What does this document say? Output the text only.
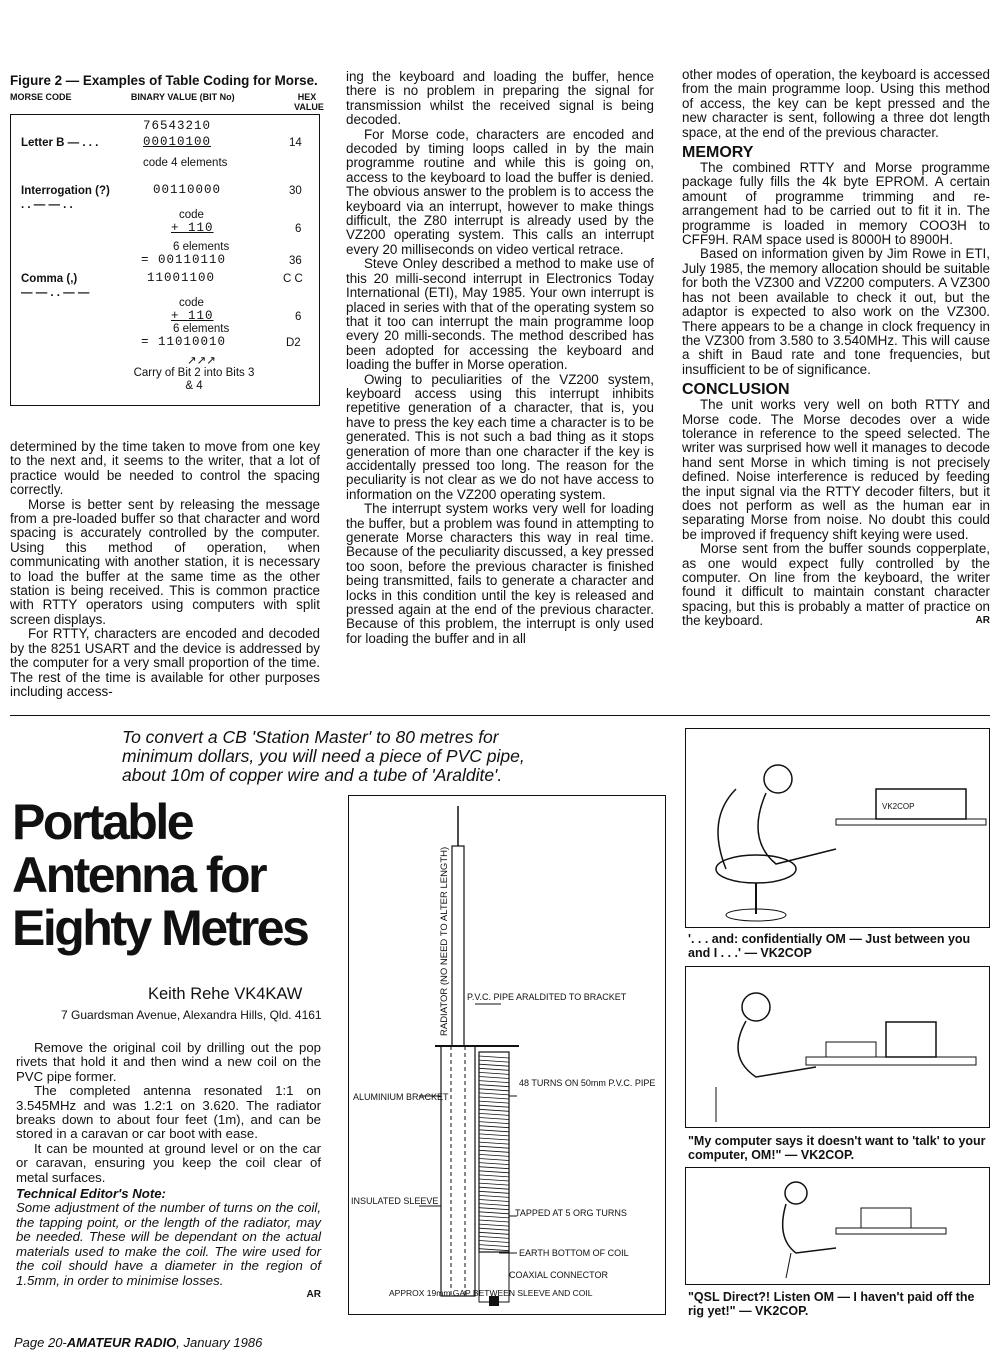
Figure 2 — Examples of Table Coding for Morse.
MORSE CODE	BINARY VALUE (BIT No)	HEX VALUE
76543210
Letter B — . . .	00010100	14
code 4 elements
Interrogation (?)
. . — — . .
00110000	30
code
+ 110	6
6 elements
= 00110110	36
Comma (,)
— — . . — —
11001100	C C
code
+ 110	6
6 elements
= 11010010	D2
↗↗↗
Carry of Bit 2 into Bits 3 & 4

determined by the time taken to move from one key to the next and, it seems to the writer, that a lot of practice would be needed to control the spacing correctly.

Morse is better sent by releasing the message from a pre-loaded buffer so that character and word spacing is accurately controlled by the computer. Using this method of operation, when communicating with another station, it is necessary to load the buffer at the same time as the other station is being received. This is common practice with RTTY operators using computers with split screen displays.

For RTTY, characters are encoded and decoded by the 8251 USART and the device is addressed by the computer for a very small proportion of the time. The rest of the time is available for other purposes including access-

ing the keyboard and loading the buffer, hence there is no problem in preparing the signal for transmission whilst the received signal is being decoded.

For Morse code, characters are encoded and decoded by timing loops called in by the main programme routine and while this is going on, access to the keyboard to load the buffer is denied. The obvious answer to the problem is to access the keyboard via an interrupt, however to make things difficult, the Z80 interrupt is already used by the VZ200 operating system. This calls an interrupt every 20 milliseconds on video vertical retrace.

Steve Onley described a method to make use of this 20 milli-second interrupt in Electronics Today International (ETI), May 1985. Your own interrupt is placed in series with that of the operating system so that it too can interrupt the main programme loop every 20 milli-seconds. The method described has been adopted for accessing the keyboard and loading the buffer in Morse operation.

Owing to peculiarities of the VZ200 system, keyboard access using this interrupt inhibits repetitive generation of a character, that is, you have to press the key each time a character is to be generated. This is not such a bad thing as it stops generation of more than one character if the key is accidentally pressed too long. The reason for the peculiarity is not clear as we do not have access to information on the VZ200 operating system.

The interrupt system works very well for loading the buffer, but a problem was found in attempting to generate Morse characters this way in real time. Because of the peculiarity discussed, a key pressed too soon, before the previous character is finished being transmitted, fails to generate a character and locks in this condition until the key is released and pressed again at the end of the previous character. Because of this problem, the interrupt is only used for loading the buffer and in all

other modes of operation, the keyboard is accessed from the main programme loop. Using this method of access, the key can be kept pressed and the new character is sent, following a three dot length space, at the end of the previous character.

MEMORY

The combined RTTY and Morse programme package fully fills the 4k byte EPROM. A certain amount of programme trimming and re-arrangement had to be carried out to fit it in. The programme is loaded in memory COO3H to CFF9H. RAM space used is 8000H to 8900H.

Based on information given by Jim Rowe in ETI, July 1985, the memory allocation should be suitable for both the VZ300 and VZ200 computers. A VZ300 has not been available to check it out, but the adaptor is expected to also work on the VZ300. There appears to be a change in clock frequency in the VZ300 from 3.580 to 3.540MHz. This will cause a shift in Baud rate and tone frequencies, but insufficient to be of significance.

CONCLUSION

The unit works very well on both RTTY and Morse code. The Morse decodes over a wide tolerance in reference to the speed selected. The writer was surprised how well it manages to decode hand sent Morse in which timing is not precisely defined. Noise interference is reduced by feeding the input signal via the RTTY decoder filters, but it does not perform as well as the human ear in separating Morse from noise. No doubt this could be improved if frequency shift keying were used.

Morse sent from the buffer sounds copperplate, as one would expect fully controlled by the computer. On line from the keyboard, the writer found it difficult to maintain constant character spacing, but this is probably a matter of practice on the keyboard.	AR

To convert a CB 'Station Master' to 80 metres for minimum dollars, you will need a piece of PVC pipe, about 10m of copper wire and a tube of 'Araldite'.
Portable
Antenna for
Eighty Metres
Keith Rehe VK4KAW
7 Guardsman Avenue, Alexandra Hills, Qld. 4161

Remove the original coil by drilling out the pop rivets that hold it and then wind a new coil on the PVC pipe former.

The completed antenna resonated 1:1 on 3.545MHz and was 1.2:1 on 3.620. The radiator breaks down to about four feet (1m), and can be stored in a caravan or car boot with ease.

It can be mounted at ground level or on the car or caravan, ensuring you keep the coil clear of metal surfaces.

Technical Editor's Note:

Some adjustment of the number of turns on the coil, the tapping point, or the length of the radiator, may be needed. These will be dependant on the actual materials used to make the coil. The wire used for the coil should have a diameter in the region of 1.5mm, in order to minimise losses.

AR

RADIATOR (NO NEED TO ALTER LENGTH) P.V.C. PIPE ARALDITED TO BRACKET
48 TURNS ON 50mm P.V.C. PIPE
ALUMINIUM BRACKET
INSULATED SLEEVE
TAPPED AT 5 ORG TURNS
EARTH BOTTOM OF COIL
COAXIAL CONNECTOR
APPROX 19mm GAP BETWEEN SLEEVE AND COIL
VK2COP
'. . . and: confidentially OM — Just between you and I . . .' — VK2COP
"My computer says it doesn't want to 'talk' to your computer, OM!" — VK2COP.
"QSL Direct?! Listen OM — I haven't paid off the rig yet!" — VK2COP.
Page 20-AMATEUR RADIO, January 1986
